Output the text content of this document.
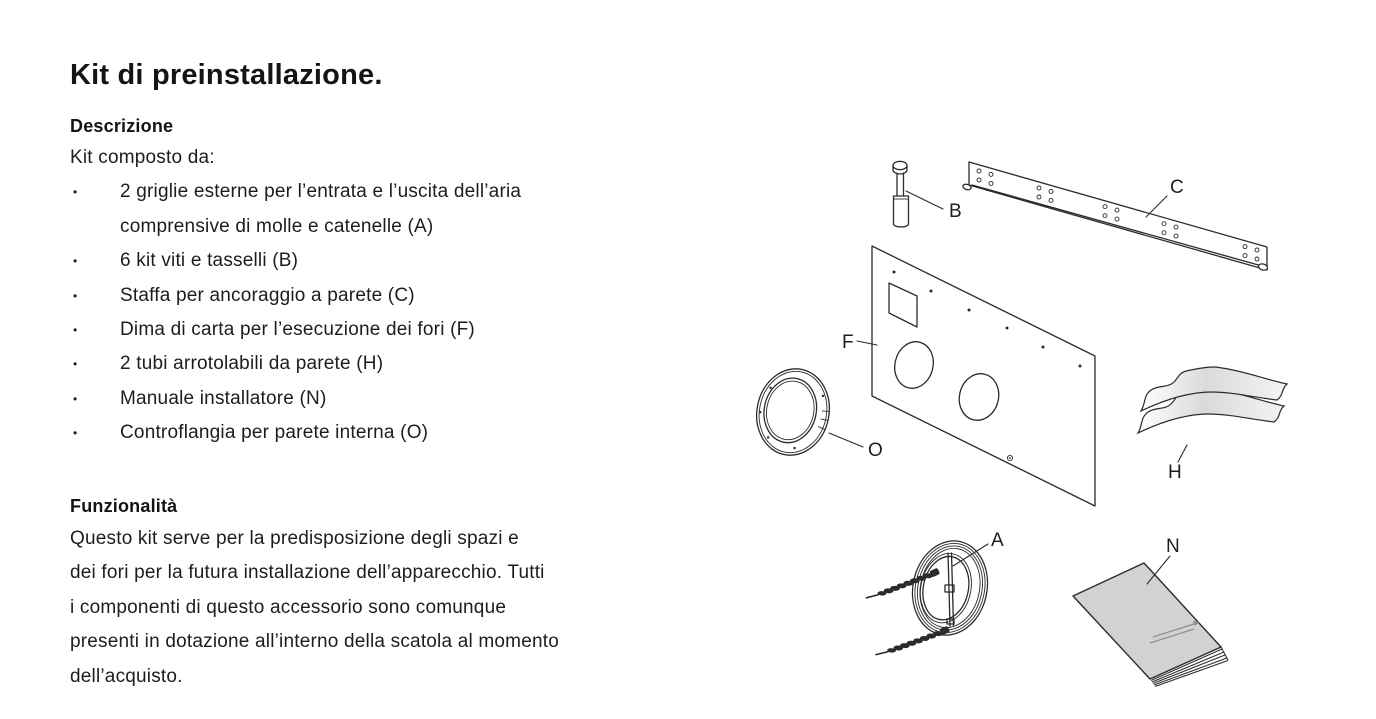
Kit di preinstallazione.
Descrizione
Kit composto da:
• 2 griglie esterne per l’entrata e l’uscita dell’aria
comprensive di molle e catenelle (A)
• 6 kit viti e tasselli (B)
• Staffa per ancoraggio a parete (C)
• Dima di carta per l’esecuzione dei fori (F)
• 2 tubi arrotolabili da parete (H)
• Manuale installatore (N)
• Controflangia per parete interna (O)
Funzionalità
Questo kit serve per la predisposizione degli spazi e
dei fori per la futura installazione dell’apparecchio. Tutti
i componenti di questo accessorio sono comunque
presenti in dotazione all’interno della scatola al momento
dell’acquisto.
B
C
F
O
H
A	N
